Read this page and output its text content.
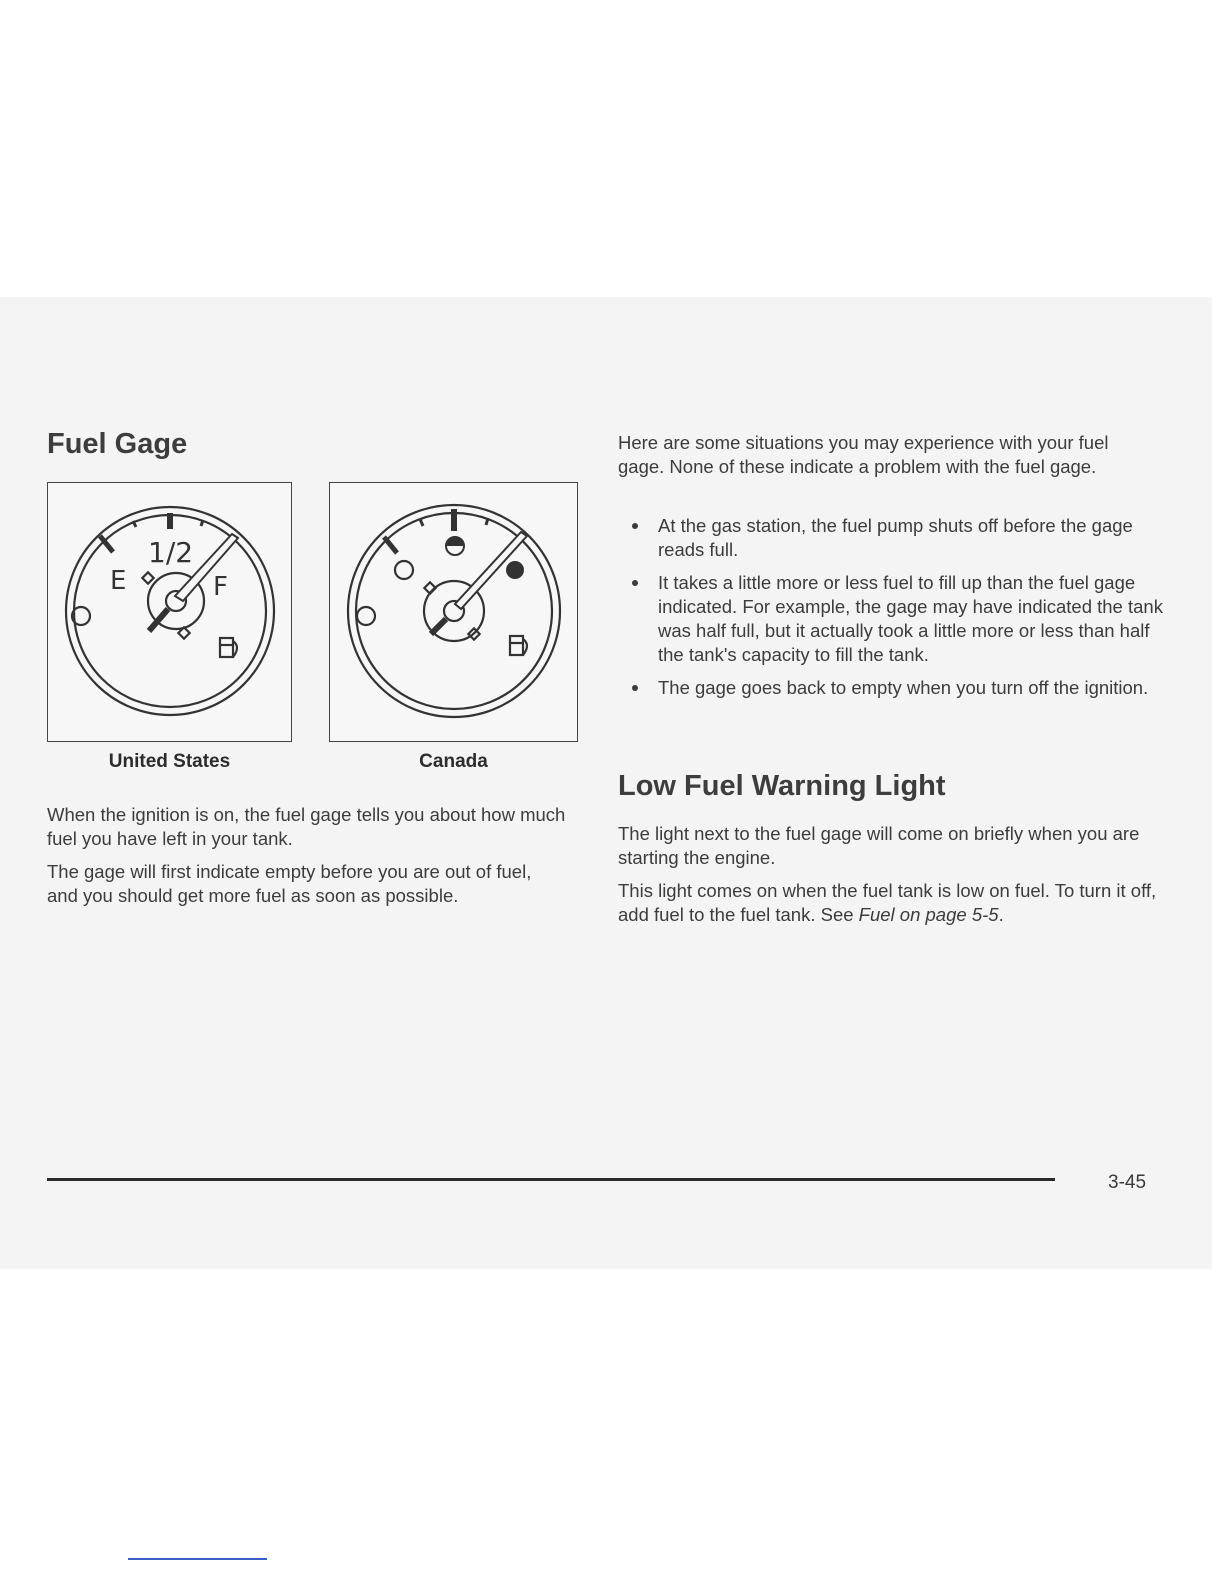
Fuel Gage
E
1/2
F
United States	Canada

When the ignition is on, the fuel gage tells you about how much fuel you have left in your tank.

The gage will first indicate empty before you are out of fuel, and you should get more fuel as soon as possible.

Here are some situations you may experience with your fuel gage. None of these indicate a problem with the fuel gage.

At the gas station, the fuel pump shuts off before the gage reads full.
It takes a little more or less fuel to fill up than the fuel gage indicated. For example, the gage may have indicated the tank was half full, but it actually took a little more or less than half the tank's capacity to fill the tank.
The gage goes back to empty when you turn off the ignition.
Low Fuel Warning Light

The light next to the fuel gage will come on briefly when you are starting the engine.

This light comes on when the fuel tank is low on fuel. To turn it off, add fuel to the fuel tank. See Fuel on page 5-5.

3-45
